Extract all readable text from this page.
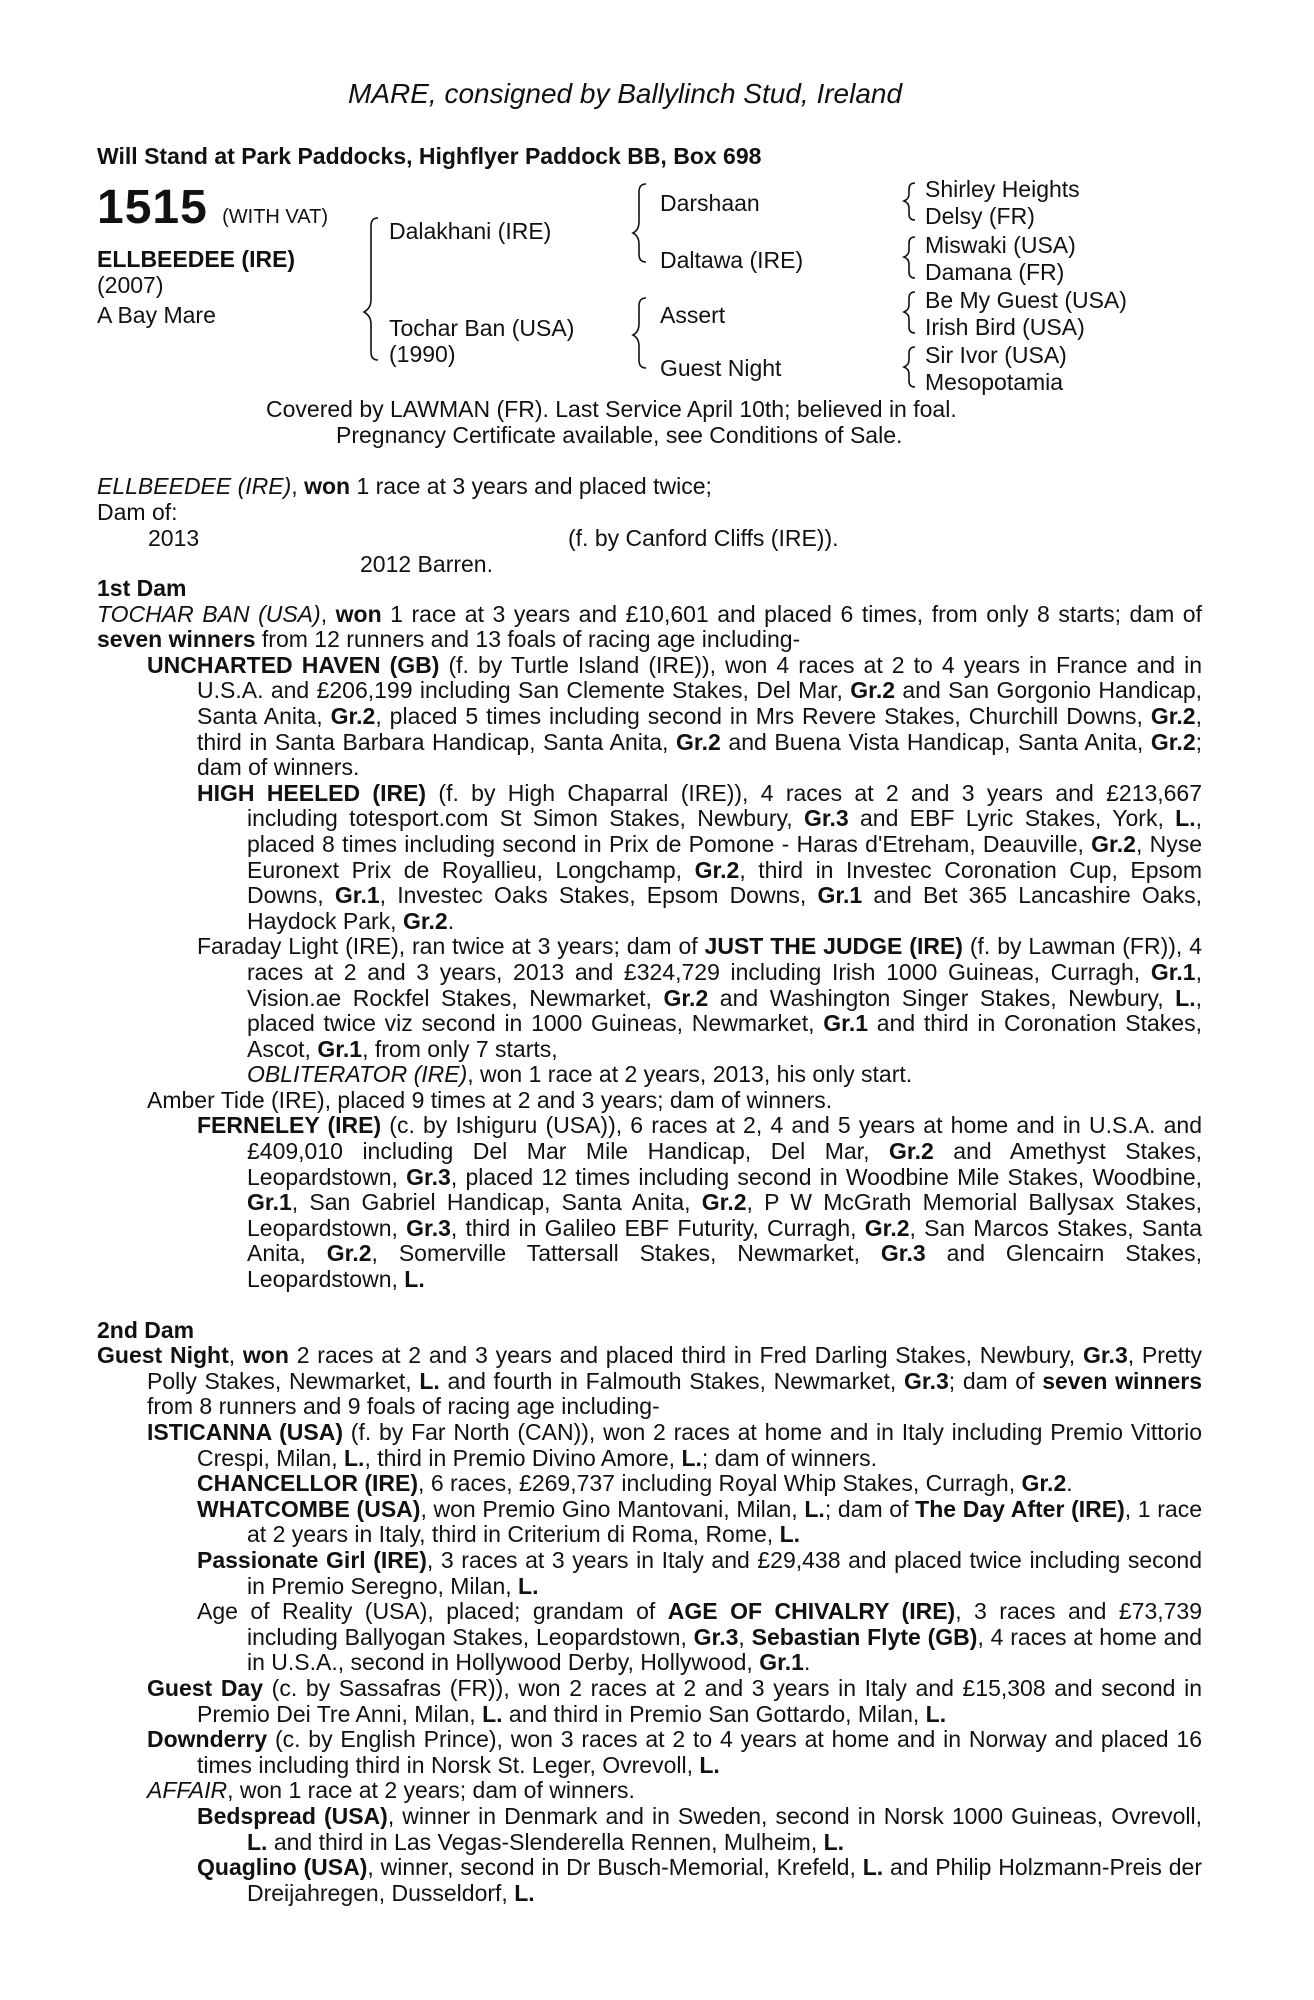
MARE, consigned by Ballylinch Stud, Ireland
Will Stand at Park Paddocks, Highflyer Paddock BB, Box 698
1515 (WITH VAT)
ELLBEEDEE (IRE)
(2007)
A Bay Mare
Dalakhani (IRE)
Tochar Ban (USA)
(1990)
Darshaan
Daltawa (IRE)
Assert
Guest Night
Shirley Heights
Delsy (FR)
Miswaki (USA)
Damana (FR)
Be My Guest (USA)
Irish Bird (USA)
Sir Ivor (USA)
Mesopotamia
Covered by LAWMAN (FR). Last Service April 10th; believed in foal.
Pregnancy Certificate available, see Conditions of Sale.
ELLBEEDEE (IRE), won 1 race at 3 years and placed twice;
Dam of:
2013	(f. by Canford Cliffs (IRE)).
2012 Barren.
1st Dam
TOCHAR BAN (USA), won 1 race at 3 years and £10,601 and placed 6 times, from only 8 starts; dam of seven winners from 12 runners and 13 foals of racing age including-
UNCHARTED HAVEN (GB) (f. by Turtle Island (IRE)), won 4 races at 2 to 4 years in France and in U.S.A. and £206,199 including San Clemente Stakes, Del Mar, Gr.2 and San Gorgonio Handicap, Santa Anita, Gr.2, placed 5 times including second in Mrs Revere Stakes, Churchill Downs, Gr.2, third in Santa Barbara Handicap, Santa Anita, Gr.2 and Buena Vista Handicap, Santa Anita, Gr.2; dam of winners.
HIGH HEELED (IRE) (f. by High Chaparral (IRE)), 4 races at 2 and 3 years and £213,667 including totesport.com St Simon Stakes, Newbury, Gr.3 and EBF Lyric Stakes, York, L., placed 8 times including second in Prix de Pomone - Haras d'Etreham, Deauville, Gr.2, Nyse Euronext Prix de Royallieu, Longchamp, Gr.2, third in Investec Coronation Cup, Epsom Downs, Gr.1, Investec Oaks Stakes, Epsom Downs, Gr.1 and Bet 365 Lancashire Oaks, Haydock Park, Gr.2.
Faraday Light (IRE), ran twice at 3 years; dam of JUST THE JUDGE (IRE) (f. by Lawman (FR)), 4 races at 2 and 3 years, 2013 and £324,729 including Irish 1000 Guineas, Curragh, Gr.1, Vision.ae Rockfel Stakes, Newmarket, Gr.2 and Washington Singer Stakes, Newbury, L., placed twice viz second in 1000 Guineas, Newmarket, Gr.1 and third in Coronation Stakes, Ascot, Gr.1, from only 7 starts,
OBLITERATOR (IRE), won 1 race at 2 years, 2013, his only start.
Amber Tide (IRE), placed 9 times at 2 and 3 years; dam of winners.
FERNELEY (IRE) (c. by Ishiguru (USA)), 6 races at 2, 4 and 5 years at home and in U.S.A. and £409,010 including Del Mar Mile Handicap, Del Mar, Gr.2 and Amethyst Stakes, Leopardstown, Gr.3, placed 12 times including second in Woodbine Mile Stakes, Woodbine, Gr.1, San Gabriel Handicap, Santa Anita, Gr.2, P W McGrath Memorial Ballysax Stakes, Leopardstown, Gr.3, third in Galileo EBF Futurity, Curragh, Gr.2, San Marcos Stakes, Santa Anita, Gr.2, Somerville Tattersall Stakes, Newmarket, Gr.3 and Glencairn Stakes, Leopardstown, L.
2nd Dam
Guest Night, won 2 races at 2 and 3 years and placed third in Fred Darling Stakes, Newbury, Gr.3, Pretty Polly Stakes, Newmarket, L. and fourth in Falmouth Stakes, Newmarket, Gr.3; dam of seven winners from 8 runners and 9 foals of racing age including-
ISTICANNA (USA) (f. by Far North (CAN)), won 2 races at home and in Italy including Premio Vittorio Crespi, Milan, L., third in Premio Divino Amore, L.; dam of winners.
CHANCELLOR (IRE), 6 races, £269,737 including Royal Whip Stakes, Curragh, Gr.2.
WHATCOMBE (USA), won Premio Gino Mantovani, Milan, L.; dam of The Day After (IRE), 1 race at 2 years in Italy, third in Criterium di Roma, Rome, L.
Passionate Girl (IRE), 3 races at 3 years in Italy and £29,438 and placed twice including second in Premio Seregno, Milan, L.
Age of Reality (USA), placed; grandam of AGE OF CHIVALRY (IRE), 3 races and £73,739 including Ballyogan Stakes, Leopardstown, Gr.3, Sebastian Flyte (GB), 4 races at home and in U.S.A., second in Hollywood Derby, Hollywood, Gr.1.
Guest Day (c. by Sassafras (FR)), won 2 races at 2 and 3 years in Italy and £15,308 and second in Premio Dei Tre Anni, Milan, L. and third in Premio San Gottardo, Milan, L.
Downderry (c. by English Prince), won 3 races at 2 to 4 years at home and in Norway and placed 16 times including third in Norsk St. Leger, Ovrevoll, L.
AFFAIR, won 1 race at 2 years; dam of winners.
Bedspread (USA), winner in Denmark and in Sweden, second in Norsk 1000 Guineas, Ovrevoll, L. and third in Las Vegas-Slenderella Rennen, Mulheim, L.
Quaglino (USA), winner, second in Dr Busch-Memorial, Krefeld, L. and Philip Holzmann-Preis der Dreijahregen, Dusseldorf, L.
